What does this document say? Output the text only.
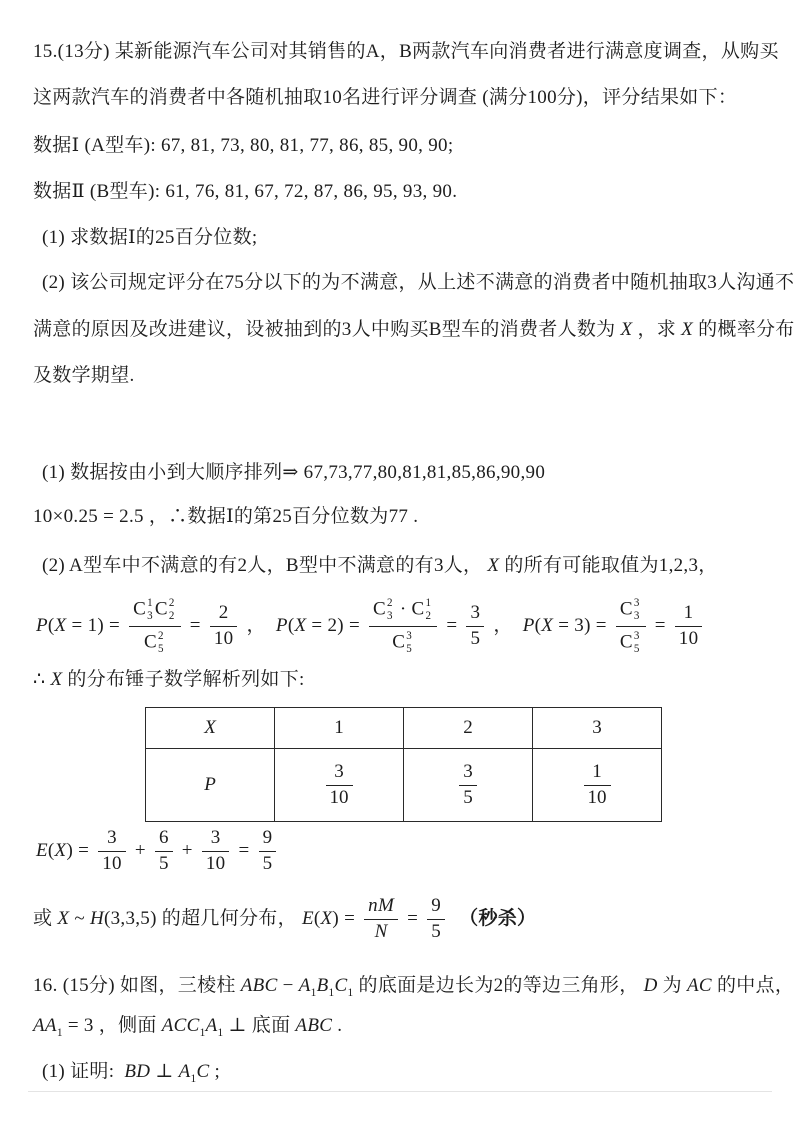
15.(13分) 某新能源汽车公司对其销售的A，B两款汽车向消费者进行满意度调查，从购买
这两款汽车的消费者中各随机抽取10名进行评分调查 (满分100分)，评分结果如下：
数据Ⅰ (A型车): 67, 81, 73, 80, 81, 77, 86, 85, 90, 90;
数据Ⅱ (B型车): 61, 76, 81, 67, 72, 87, 86, 95, 93, 90.
(1) 求数据Ⅰ的25百分位数;
(2) 该公司规定评分在75分以下的为不满意，从上述不满意的消费者中随机抽取3人沟通不
满意的原因及改进建议，设被抽到的3人中购买B型车的消费者人数为 X ，求 X 的概率分布
及数学期望.
(1) 数据按由小到大顺序排列⇒ 67,73,77,80,81,81,85,86,90,90
10×0.25 = 2.5 ，∴数据Ⅰ的第25百分位数为77 .
(2) A型车中不满意的有2人，B型中不满意的有3人， X 的所有可能取值为1,2,3，
P(X = 1) = C 1
3 C 2
2
C 2
$5 = \frac{2}{10}$ ，  P(X = 2) = C 2
3 · C 1
2
C 3
$5 = \frac{3}{5}$ ，  P(X = 3) = C 3
3
C 3
$5 = \frac{1}{10}$
∴ X 的分布锤子数学解析列如下:
X	1	2	3
P	$\frac{3}{10}$	$\frac{3}{5}$	$\frac{1}{10}$
$E(X) = \frac{3}{10} + \frac{6}{5} + \frac{3}{10} = \frac{9}{5}$
或 X ~ H(3,3,5) 的超几何分布， $E(X) = \frac{nM}{N} = \frac{9}{5}$ （秒杀）
16. (15分) 如图，三棱柱 ABC − $A_1B_1C_1$ 的底面是边长为2的等边三角形， D 为 AC 的中点，
$AA_1 = 3$ ，侧面 $ACC_1A_1$ ⊥ 底面 ABC .
(1) 证明:  BD ⊥ $A_1C$ ;
